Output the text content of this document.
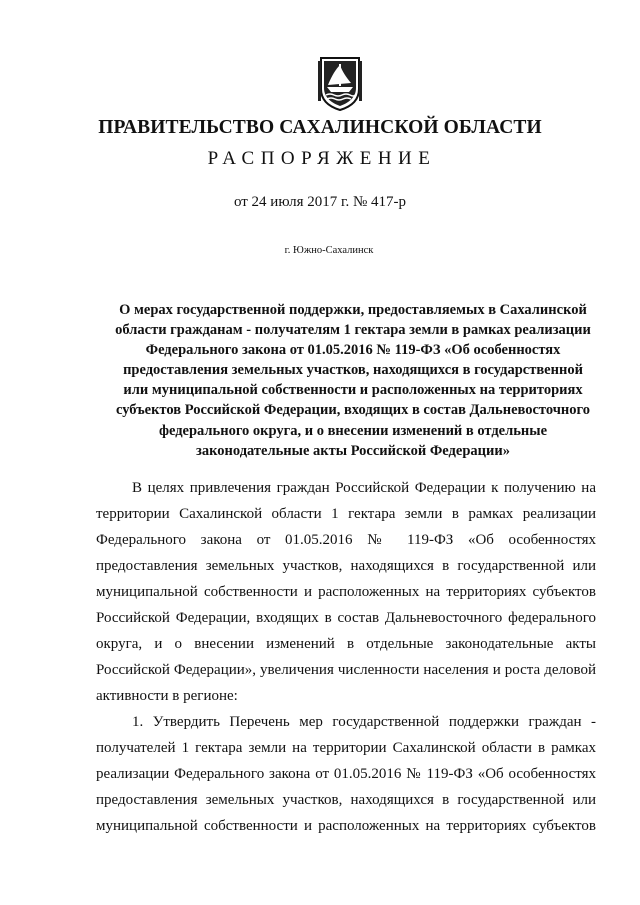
ПРАВИТЕЛЬСТВО САХАЛИНСКОЙ ОБЛАСТИ
РАСПОРЯЖЕНИЕ
от 24 июля 2017 г. № 417-р
г. Южно-Сахалинск
О мерах государственной поддержки, предоставляемых в Сахалинской
области гражданам - получателям 1 гектара земли в рамках реализации
Федерального закона от 01.05.2016 № 119-ФЗ «Об особенностях
предоставления земельных участков, находящихся в государственной
или муниципальной собственности и расположенных на территориях
субъектов Российской Федерации, входящих в состав Дальневосточного
федерального округа, и о внесении изменений в отдельные
законодательные акты Российской Федерации»
В целях привлечения граждан Российской Федерации к получению на
территории Сахалинской области 1 гектара земли в рамках реализации
Федерального закона от 01.05.2016 № 119-ФЗ «Об особенностях
предоставления земельных участков, находящихся в государственной или
муниципальной собственности и расположенных на территориях субъектов
Российской Федерации, входящих в состав Дальневосточного федерального
округа, и о внесении изменений в отдельные законодательные акты
Российской Федерации», увеличения численности населения и роста деловой
активности в регионе:
1. Утвердить Перечень мер государственной поддержки граждан -
получателей 1 гектара земли на территории Сахалинской области в рамках
реализации Федерального закона от 01.05.2016 № 119-ФЗ «Об особенностях
предоставления земельных участков, находящихся в государственной или
муниципальной собственности и расположенных на территориях субъектов
